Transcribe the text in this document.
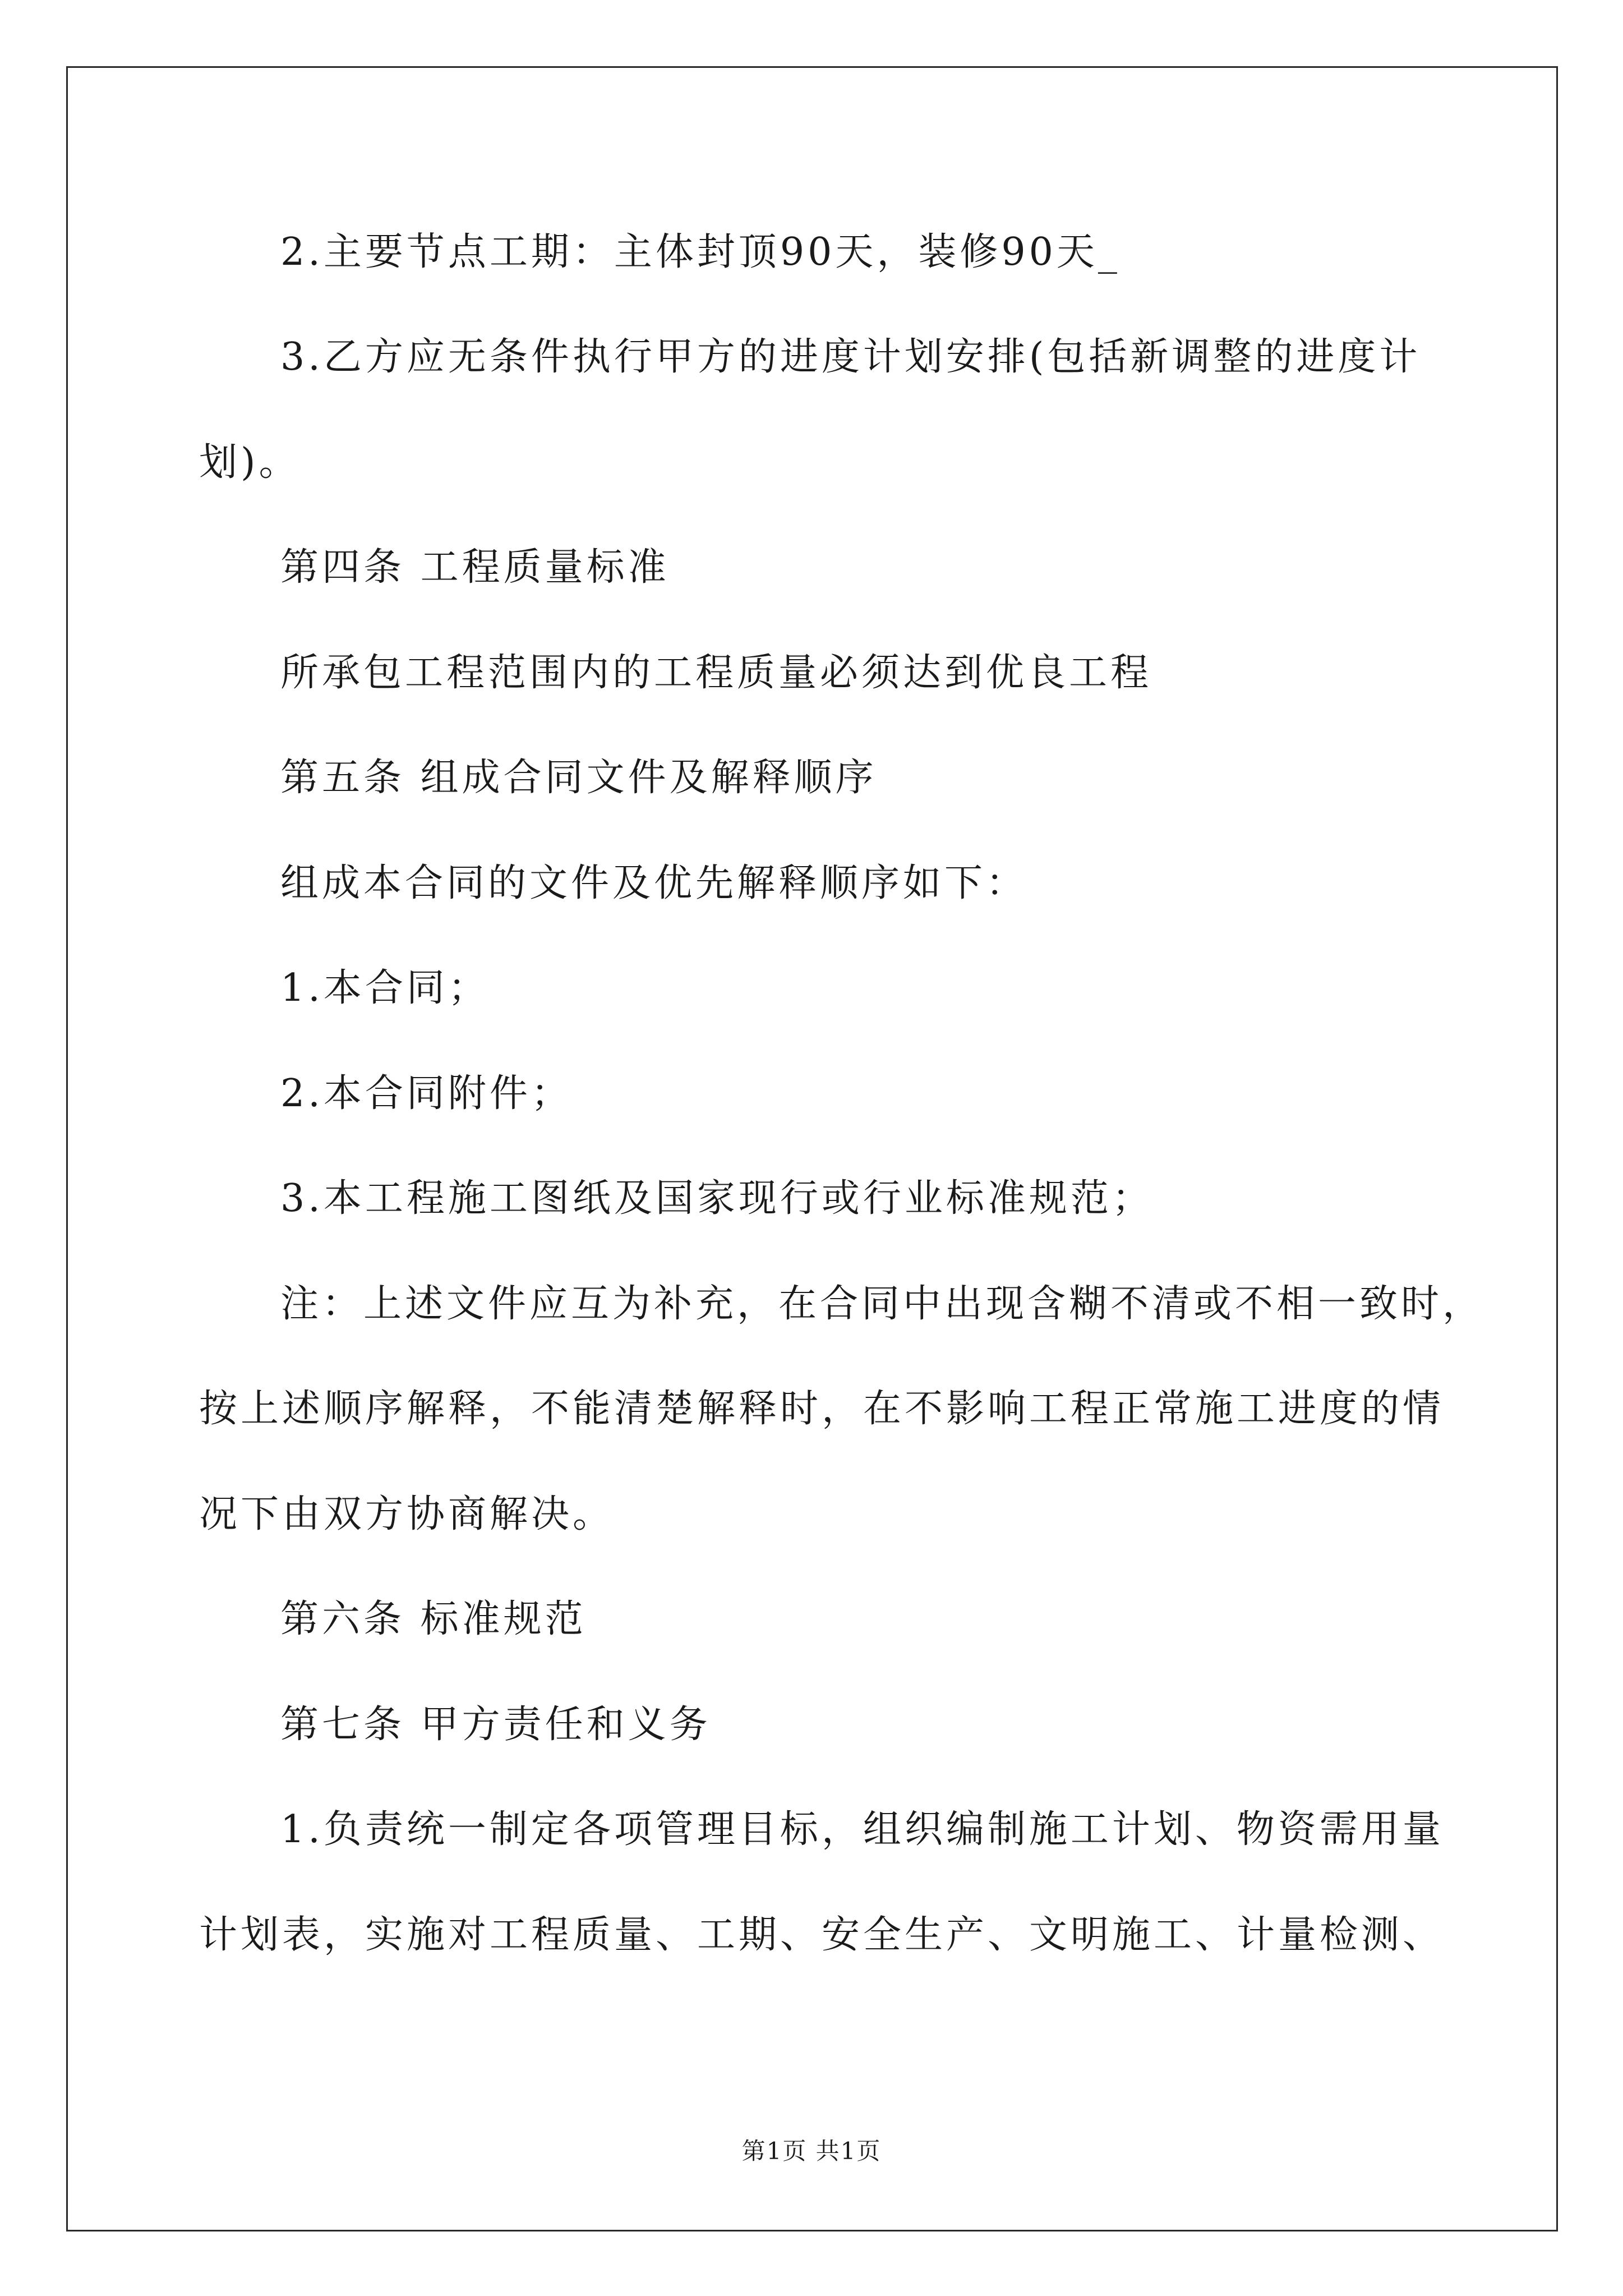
2.主要节点工期：主体封顶90天，装修90天_
3.乙方应无条件执行甲方的进度计划安排(包括新调整的进度计
划)。
第四条 工程质量标准
所承包工程范围内的工程质量必须达到优良工程
第五条 组成合同文件及解释顺序
组成本合同的文件及优先解释顺序如下：
1.本合同；
2.本合同附件；
3.本工程施工图纸及国家现行或行业标准规范；
注：上述文件应互为补充，在合同中出现含糊不清或不相一致时，
按上述顺序解释，不能清楚解释时，在不影响工程正常施工进度的情
况下由双方协商解决。
第六条 标准规范
第七条 甲方责任和义务
1.负责统一制定各项管理目标，组织编制施工计划、物资需用量
计划表，实施对工程质量、工期、安全生产、文明施工、计量检测、
第1页 共1页
